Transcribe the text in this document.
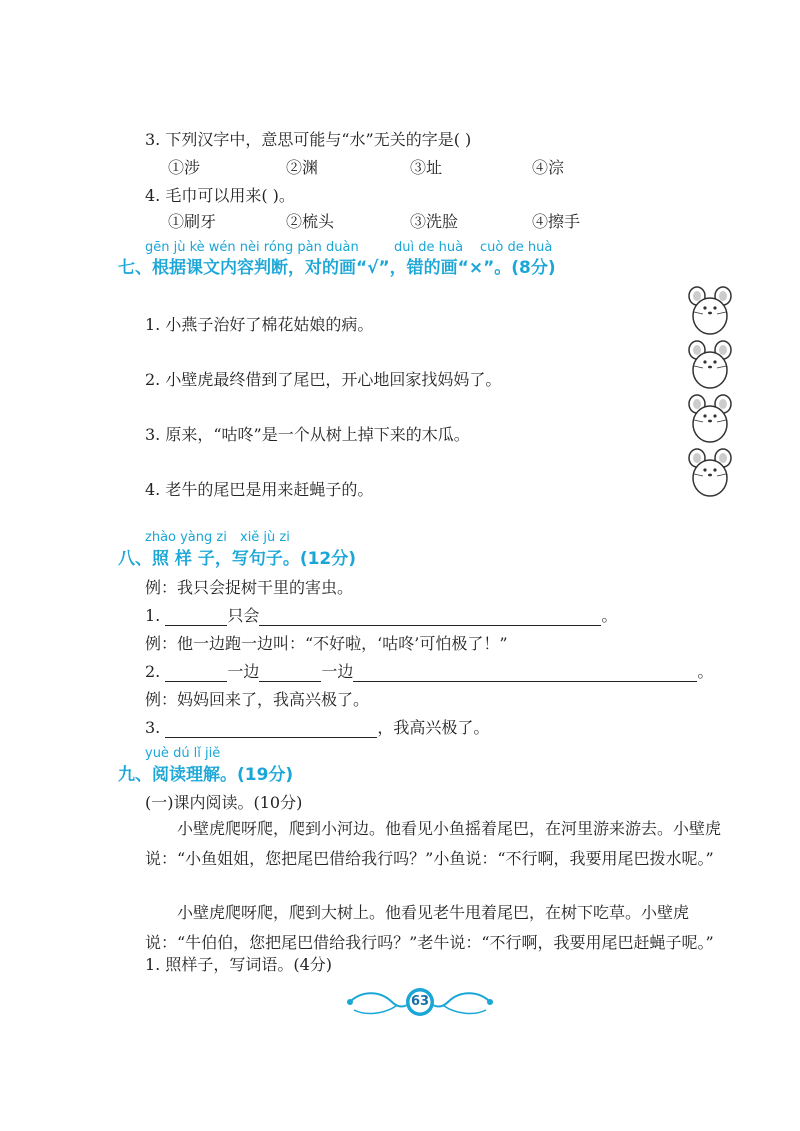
3. 下列汉字中，意思可能与“水”无关的字是( )
①涉	②渊	③址	④淙
4. 毛巾可以用来( )。
①刷牙	②梳头	③洗脸	④擦手
gēn jù kè wén nèi róng pàn duàn	duì de huà cuò de huà
七、根据课文内容判断，对的画“√”，错的画“×”。(8分)
1. 小燕子治好了棉花姑娘的病。
2. 小壁虎最终借到了尾巴，开心地回家找妈妈了。
3. 原来，“咕咚”是一个从树上掉下来的木瓜。
4. 老牛的尾巴是用来赶蝇子的。
zhào yàng zi xiě jù zi
八、照 样 子，写句子。(12分)
例：我只会捉树干里的害虫。
1.	只会	。
例：他一边跑一边叫：“不好啦，‘咕咚’可怕极了！”
2.	一边	一边	。
例：妈妈回来了，我高兴极了。
3.	，我高兴极了。
yuè dú lǐ jiě
九、阅读理解。(19分)
(一)课内阅读。(10分)
小壁虎爬呀爬，爬到小河边。他看见小鱼摇着尾巴，在河里游来游去。小壁虎说：“小鱼姐姐，您把尾巴借给我行吗？”小鱼说：“不行啊，我要用尾巴拨水呢。”
小壁虎爬呀爬，爬到大树上。他看见老牛甩着尾巴，在树下吃草。小壁虎说：“牛伯伯，您把尾巴借给我行吗？”老牛说：“不行啊，我要用尾巴赶蝇子呢。”
1. 照样子，写词语。(4分)
63
